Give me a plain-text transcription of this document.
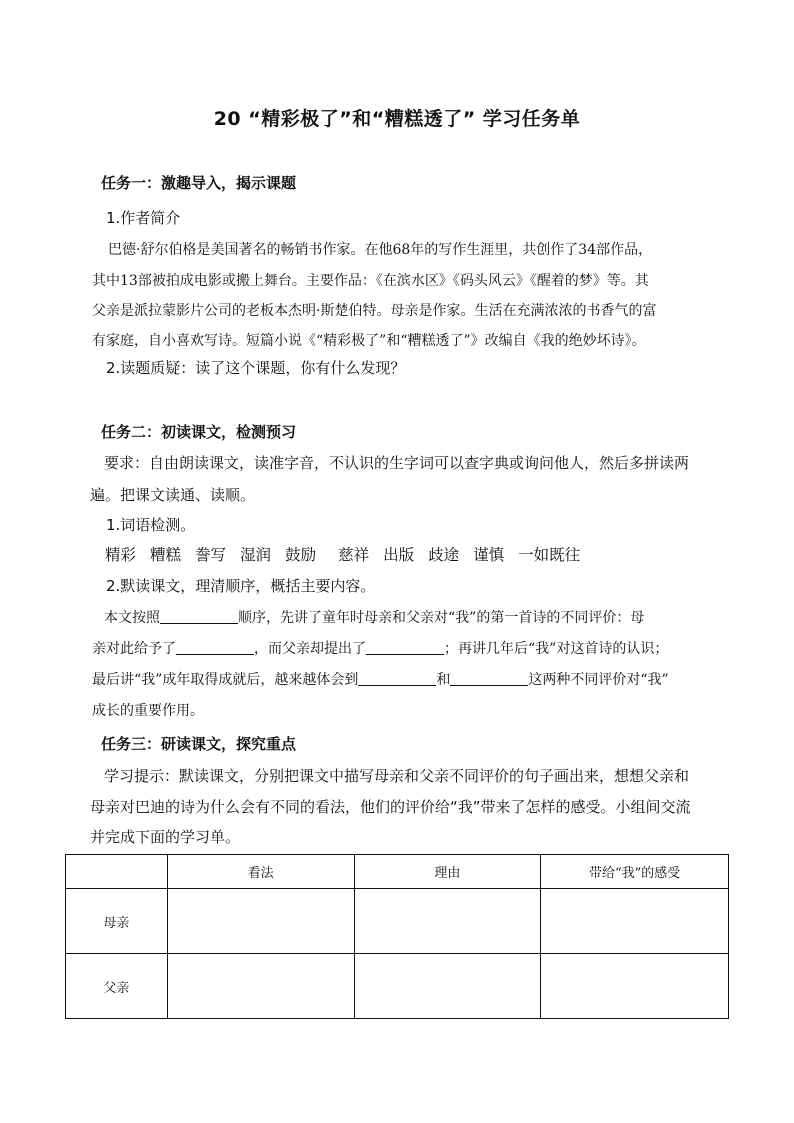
20 “精彩极了”和“糟糕透了” 学习任务单
任务一：激趣导入，揭示课题
1.作者简介
巴德·舒尔伯格是美国著名的畅销书作家。在他68年的写作生涯里，共创作了34部作品，
其中13部被拍成电影或搬上舞台。主要作品：《在滨水区》《码头风云》《醒着的梦》等。其
父亲是派拉蒙影片公司的老板本杰明·斯楚伯特。母亲是作家。生活在充满浓浓的书香气的富
有家庭，自小喜欢写诗。短篇小说《“精彩极了”和“糟糕透了”》改编自《我的绝妙坏诗》。
2.读题质疑：读了这个课题，你有什么发现？
任务二：初读课文，检测预习
要求：自由朗读课文，读准字音，不认识的生字词可以查字典或询问他人，然后多拼读两
遍。把课文读通、读顺。
1.词语检测。
精彩 糟糕 誊写 湿润 鼓励 慈祥 出版 歧途 谨慎 一如既往
2.默读课文，理清顺序，概括主要内容。
本文按照	顺序，先讲了童年时母亲和父亲对“我”的第一首诗的不同评价：母
亲对此给予了	，而父亲却提出了	；再讲几年后“我”对这首诗的认识；
最后讲“我”成年取得成就后，越来越体会到	和	这两种不同评价对“我”
成长的重要作用。
任务三：研读课文，探究重点
学习提示：默读课文，分别把课文中描写母亲和父亲不同评价的句子画出来，想想父亲和
母亲对巴迪的诗为什么会有不同的看法，他们的评价给“我”带来了怎样的感受。小组间交流
并完成下面的学习单。
	看法	理由	带给“我”的感受
母亲			
父亲			
